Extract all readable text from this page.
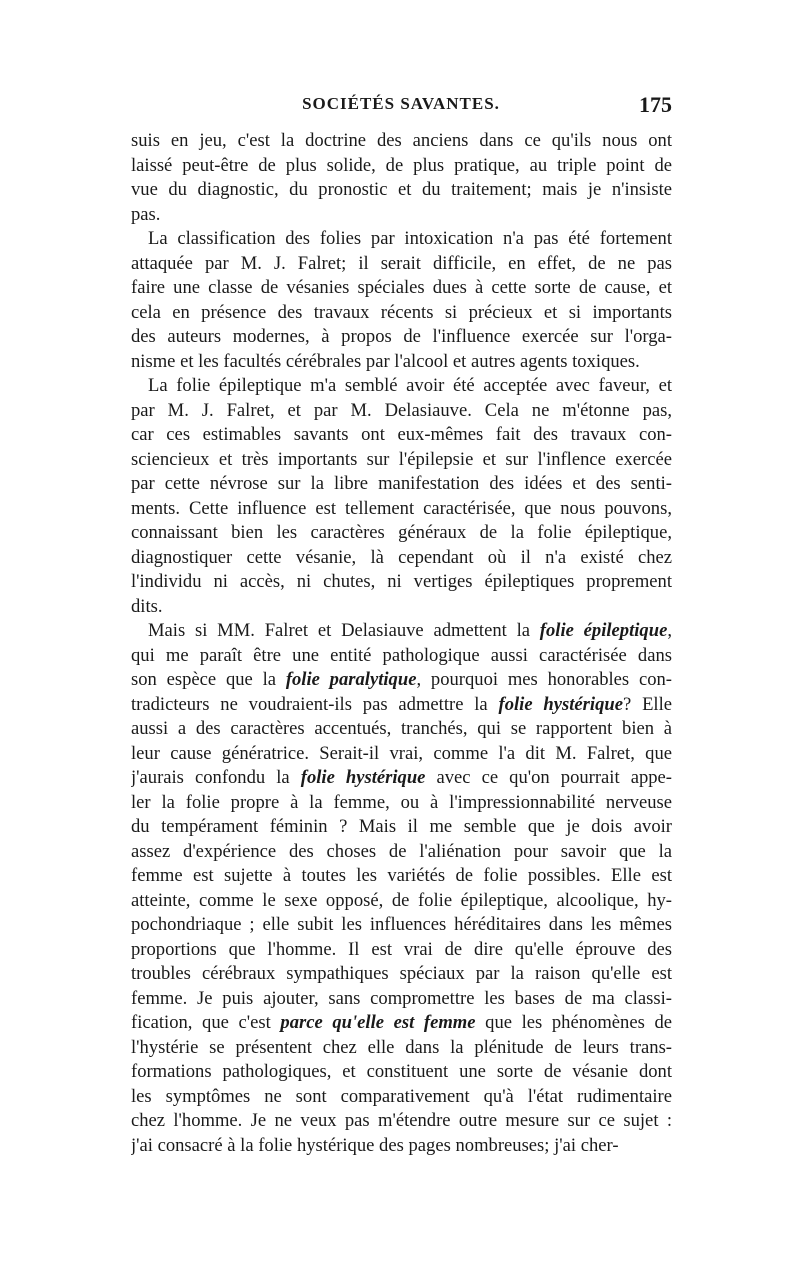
SOCIÉTÉS SAVANTES.	175
suis en jeu, c'est la doctrine des anciens dans ce qu'ils nous ont
laissé peut-être de plus solide, de plus pratique, au triple point de
vue du diagnostic, du pronostic et du traitement; mais je n'insiste
pas.
La classification des folies par intoxication n'a pas été fortement
attaquée par M. J. Falret; il serait difficile, en effet, de ne pas
faire une classe de vésanies spéciales dues à cette sorte de cause, et
cela en présence des travaux récents si précieux et si importants
des auteurs modernes, à propos de l'influence exercée sur l'orga-
nisme et les facultés cérébrales par l'alcool et autres agents toxiques.
La folie épileptique m'a semblé avoir été acceptée avec faveur, et
par M. J. Falret, et par M. Delasiauve. Cela ne m'étonne pas,
car ces estimables savants ont eux-mêmes fait des travaux con-
sciencieux et très importants sur l'épilepsie et sur l'inflence exercée
par cette névrose sur la libre manifestation des idées et des senti-
ments. Cette influence est tellement caractérisée, que nous pouvons,
connaissant bien les caractères généraux de la folie épileptique,
diagnostiquer cette vésanie, là cependant où il n'a existé chez
l'individu ni accès, ni chutes, ni vertiges épileptiques proprement
dits.
Mais si MM. Falret et Delasiauve admettent la folie épileptique,
qui me paraît être une entité pathologique aussi caractérisée dans
son espèce que la folie paralytique, pourquoi mes honorables con-
tradicteurs ne voudraient-ils pas admettre la folie hystérique? Elle
aussi a des caractères accentués, tranchés, qui se rapportent bien à
leur cause génératrice. Serait-il vrai, comme l'a dit M. Falret, que
j'aurais confondu la folie hystérique avec ce qu'on pourrait appe-
ler la folie propre à la femme, ou à l'impressionnabilité nerveuse
du tempérament féminin ? Mais il me semble que je dois avoir
assez d'expérience des choses de l'aliénation pour savoir que la
femme est sujette à toutes les variétés de folie possibles. Elle est
atteinte, comme le sexe opposé, de folie épileptique, alcoolique, hy-
pochondriaque ; elle subit les influences héréditaires dans les mêmes
proportions que l'homme. Il est vrai de dire qu'elle éprouve des
troubles cérébraux sympathiques spéciaux par la raison qu'elle est
femme. Je puis ajouter, sans compromettre les bases de ma classi-
fication, que c'est parce qu'elle est femme que les phénomènes de
l'hystérie se présentent chez elle dans la plénitude de leurs trans-
formations pathologiques, et constituent une sorte de vésanie dont
les symptômes ne sont comparativement qu'à l'état rudimentaire
chez l'homme. Je ne veux pas m'étendre outre mesure sur ce sujet :
j'ai consacré à la folie hystérique des pages nombreuses; j'ai cher-
